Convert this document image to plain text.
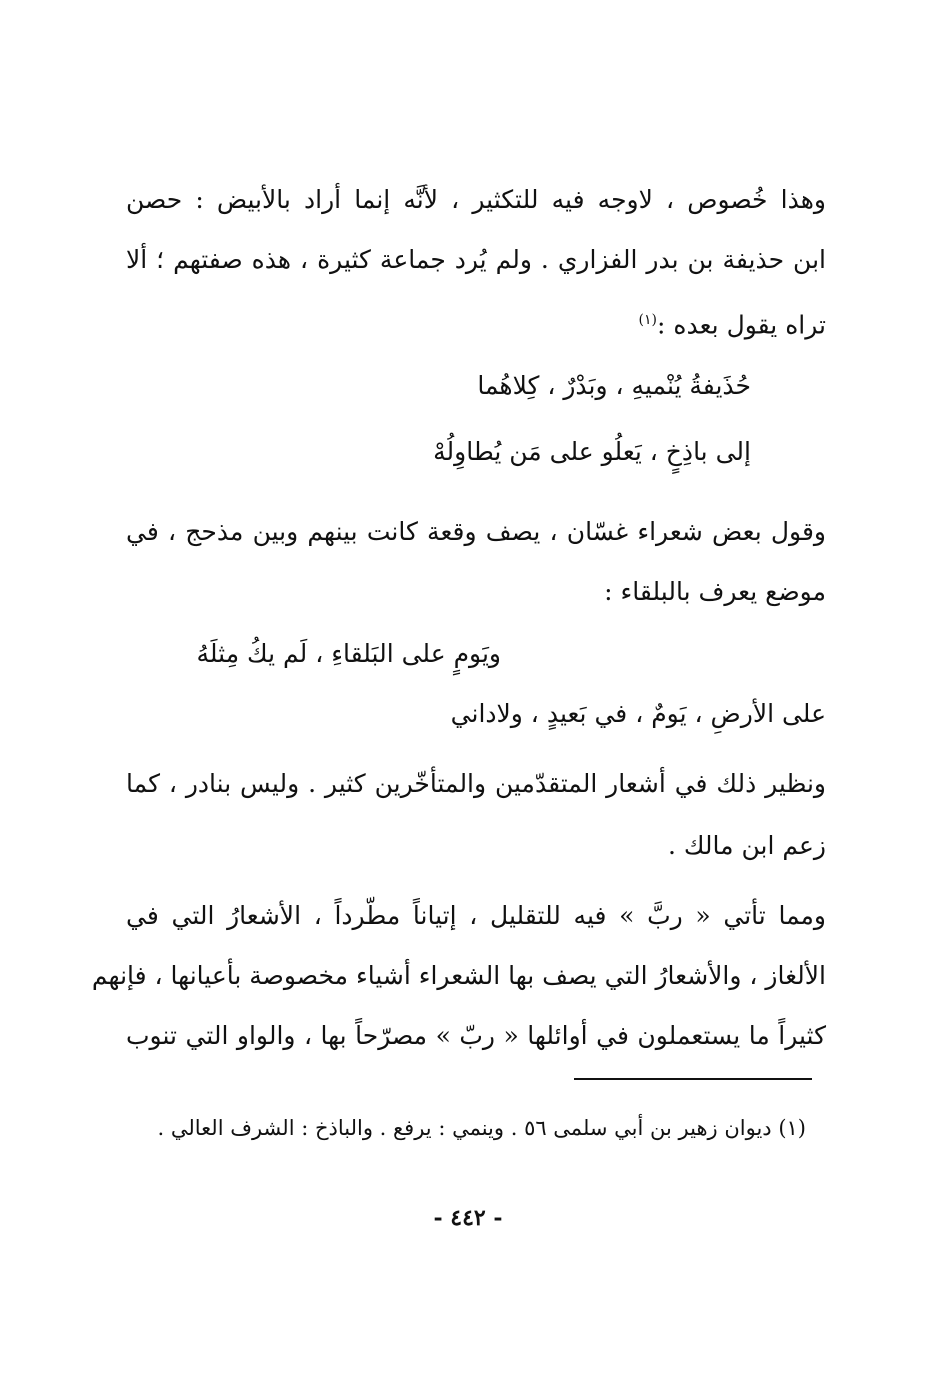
وهذا خُصوص ، لاوجه فيه للتكثير ، لأنَّه إنما أراد بالأبيض : حصن
ابن حذيفة بن بدر الفزاري . ولم يُرد جماعة كثيرة ، هذه صفتهم ؛ ألا
تراه يقول بعده :$^{(١)}$
حُذَيفةُ يُنْميهِ ، وبَدْرٌ ، كِلاهُما
إلى باذِخٍ ، يَعلُو على مَن يُطاوِلُهْ
وقول بعض شعراء غسّان ، يصف وقعة كانت بينهم وبين مذحج ، في
موضع يعرف بالبلقاء :
ويَومٍ على البَلقاءِ ، لَم يكُ مِثلَهُ
على الأرضِ ، يَومٌ ، في بَعيدٍ ، ولاداني
ونظير ذلك في أشعار المتقدّمين والمتأخّرين كثير . وليس بنادر ، كما
زعم ابن مالك .
ومما تأتي « ربَّ » فيه للتقليل ، إتياناً مطّرداً ، الأشعارُ التي في
الألغاز ، والأشعارُ التي يصف بها الشعراء أشياء مخصوصة بأعيانها ، فإنهم
كثيراً ما يستعملون في أوائلها « ربّ » مصرّحاً بها ، والواو التي تنوب
(١) ديوان زهير بن أبي سلمى ٥٦ . وينمي : يرفع . والباذخ : الشرف العالي .
- ٤٤٢ -
